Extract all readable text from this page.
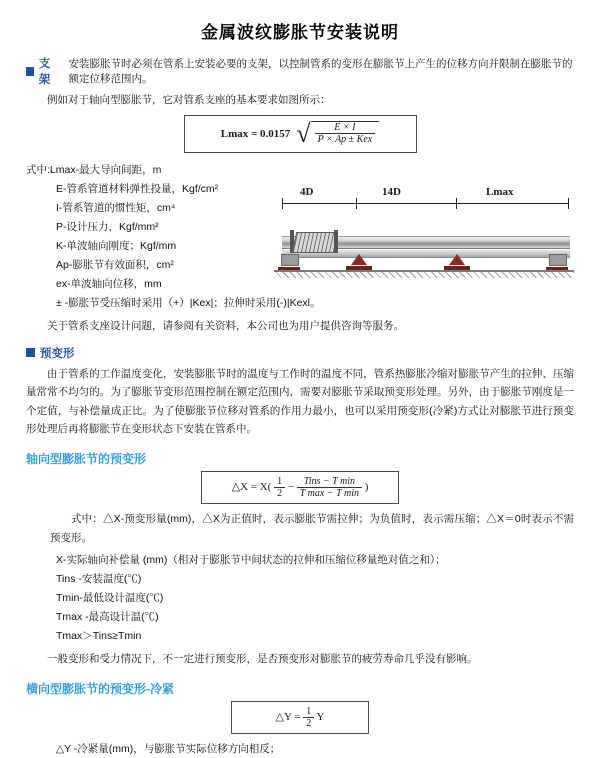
金属波纹膨胀节安装说明
支架
安装膨胀节时必须在管系上安装必要的支架，以控制管系的变形在膨胀节上产生的位移方向并限制在膨胀节的额定位移范围内。

例如对于轴向型膨胀节，它对管系支座的基本要求如图所示：

Lmax = 0.0157 √ $\frac{E \times I}{\text{P × Ap ± Kex}}$
4D	14D	Lmax
式中:Lmax-最大导向间距，m
E-管系管道材料弹性投量，Kgf/cm²
I-管系管道的惯性矩，cm⁴
P-设计压力，Kgf/mm²
K-单波轴向刚度；Kgf/mm
Ap-膨胀节有效面积，cm²
ex-单波轴向位移，mm
± -膨胀节受压缩时采用（+）|Kex|；拉伸时采用(-)|Kexl。

关于管系支座设计问题，请参阅有关资料，本公司也为用户提供咨询等服务。

预变形

由于管系的工作温度变化，安装膨胀节时的温度与工作时的温度不同，管系热膨胀冷缩对膨胀节产生的拉伸、压缩量常常不均匀的。为了膨胀节变形范围控制在额定范围内，需要对膨胀节采取预变形处理。另外，由于膨胀节刚度是一个定值，与补偿量成正比。为了使膨胀节位移对管系的作用力最小，也可以采用预变形(冷紧)方式让对膨胀节进行预变形处理后再将膨胀节在变形状态下安装在管系中。

轴向型膨胀节的预变形
△X = $X( \frac{1}{2} - \frac{\text{Tins − T min}}{\text{T max − T min}}$ )

式中：△X-预变形量(mm)，△X为正值时，表示膨胀节需拉伸；为负值时，表示需压缩；△X＝0时表示不需预变形。

X-实际轴向补偿量 (mm)（相对于膨胀节中间状态的拉伸和压缩位移量绝对值之和）；
Tins -安装温度(℃)
Tmin-最低设计温度(℃)
Tmax -最高设计温(℃)
Tmax＞Tins≥Tmin

一般变形和受力情况下，不一定进行预变形，是否预变形对膨胀节的疲劳寿命几乎没有影响。

横向型膨胀节的预变形-冷紧
△Y = $\frac{1}{2}$ Y

△Y -冷紧量(mm)，与膨胀节实际位移方向相反；
